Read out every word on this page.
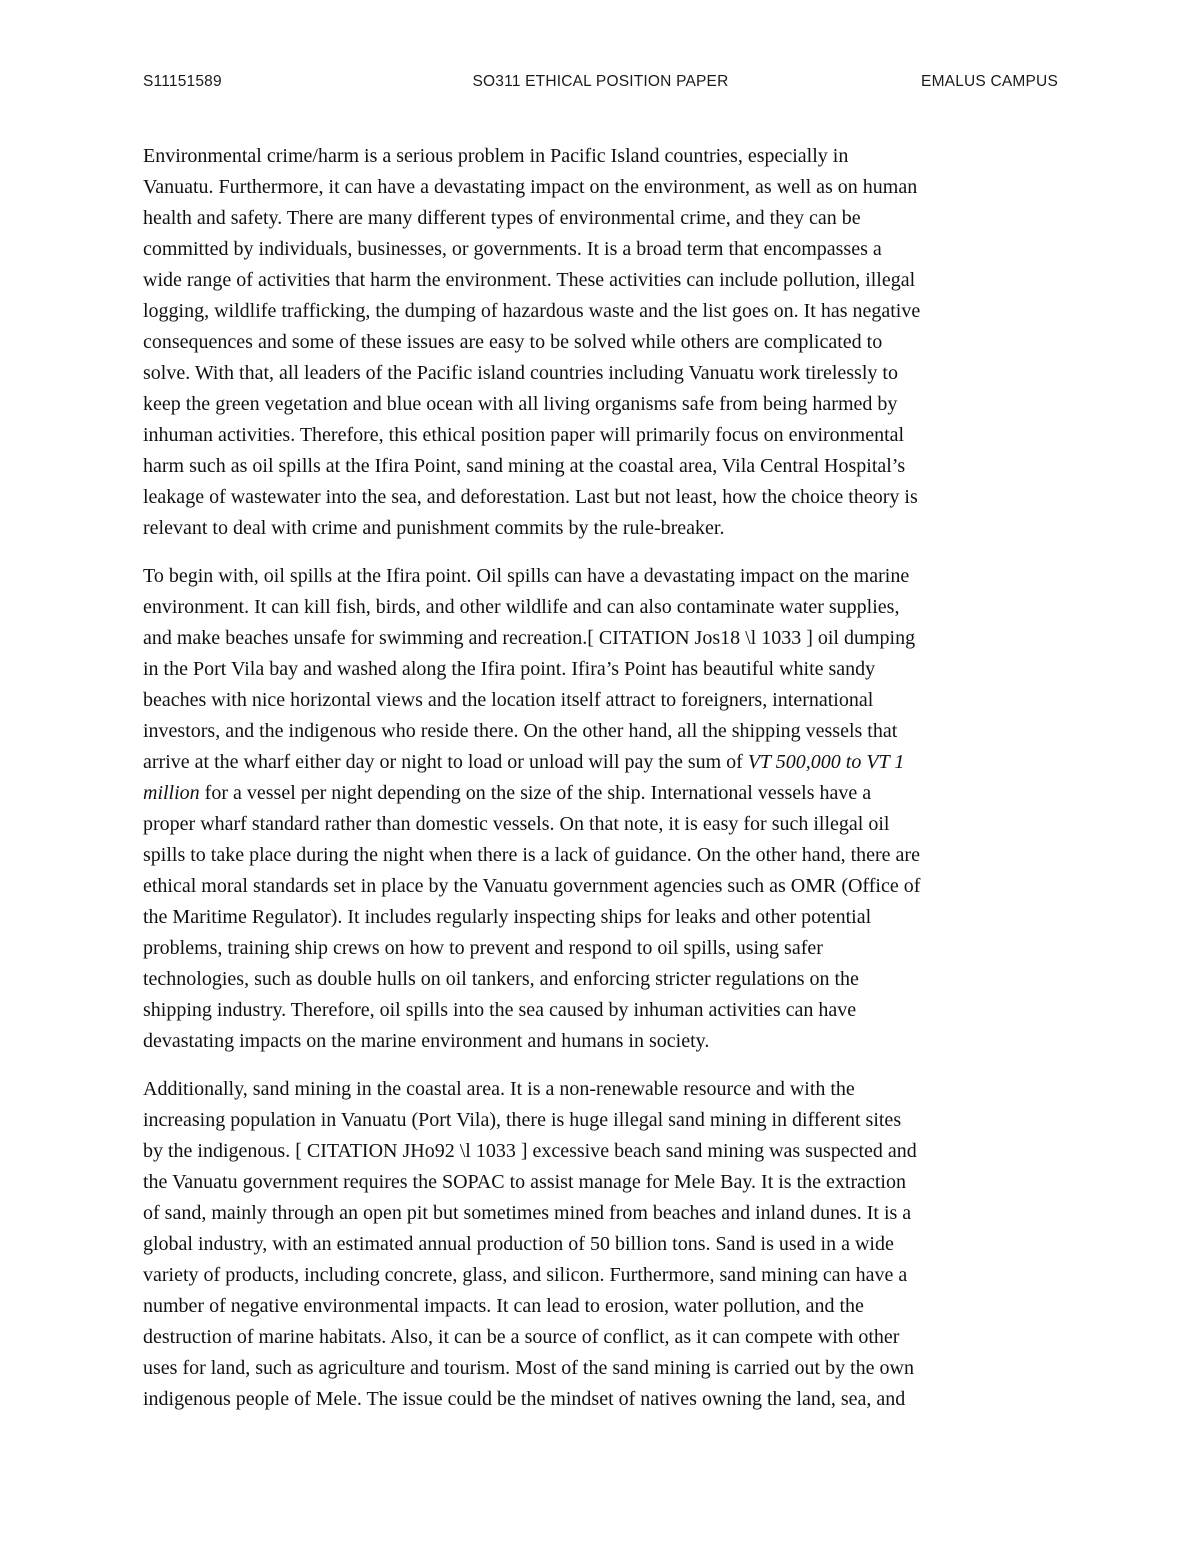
S11151589	SO311 ETHICAL POSITION PAPER	EMALUS CAMPUS

Environmental crime/harm is a serious problem in Pacific Island countries, especially in
Vanuatu. Furthermore, it can have a devastating impact on the environment, as well as on human
health and safety. There are many different types of environmental crime, and they can be
committed by individuals, businesses, or governments. It is a broad term that encompasses a
wide range of activities that harm the environment. These activities can include pollution, illegal
logging, wildlife trafficking, the dumping of hazardous waste and the list goes on. It has negative
consequences and some of these issues are easy to be solved while others are complicated to
solve. With that, all leaders of the Pacific island countries including Vanuatu work tirelessly to
keep the green vegetation and blue ocean with all living organisms safe from being harmed by
inhuman activities. Therefore, this ethical position paper will primarily focus on environmental
harm such as oil spills at the Ifira Point, sand mining at the coastal area, Vila Central Hospital’s
leakage of wastewater into the sea, and deforestation. Last but not least, how the choice theory is
relevant to deal with crime and punishment commits by the rule-breaker.

To begin with, oil spills at the Ifira point. Oil spills can have a devastating impact on the marine
environment. It can kill fish, birds, and other wildlife and can also contaminate water supplies,
and make beaches unsafe for swimming and recreation.[ CITATION Jos18 \l 1033 ] oil dumping
in the Port Vila bay and washed along the Ifira point. Ifira’s Point has beautiful white sandy
beaches with nice horizontal views and the location itself attract to foreigners, international
investors, and the indigenous who reside there. On the other hand, all the shipping vessels that
arrive at the wharf either day or night to load or unload will pay the sum of VT 500,000 to VT 1
million for a vessel per night depending on the size of the ship. International vessels have a
proper wharf standard rather than domestic vessels. On that note, it is easy for such illegal oil
spills to take place during the night when there is a lack of guidance. On the other hand, there are
ethical moral standards set in place by the Vanuatu government agencies such as OMR (Office of
the Maritime Regulator). It includes regularly inspecting ships for leaks and other potential
problems, training ship crews on how to prevent and respond to oil spills, using safer
technologies, such as double hulls on oil tankers, and enforcing stricter regulations on the
shipping industry. Therefore, oil spills into the sea caused by inhuman activities can have
devastating impacts on the marine environment and humans in society.

Additionally, sand mining in the coastal area. It is a non-renewable resource and with the
increasing population in Vanuatu (Port Vila), there is huge illegal sand mining in different sites
by the indigenous. [ CITATION JHo92 \l 1033 ] excessive beach sand mining was suspected and
the Vanuatu government requires the SOPAC to assist manage for Mele Bay. It is the extraction
of sand, mainly through an open pit but sometimes mined from beaches and inland dunes. It is a
global industry, with an estimated annual production of 50 billion tons. Sand is used in a wide
variety of products, including concrete, glass, and silicon. Furthermore, sand mining can have a
number of negative environmental impacts. It can lead to erosion, water pollution, and the
destruction of marine habitats. Also, it can be a source of conflict, as it can compete with other
uses for land, such as agriculture and tourism. Most of the sand mining is carried out by the own
indigenous people of Mele. The issue could be the mindset of natives owning the land, sea, and
